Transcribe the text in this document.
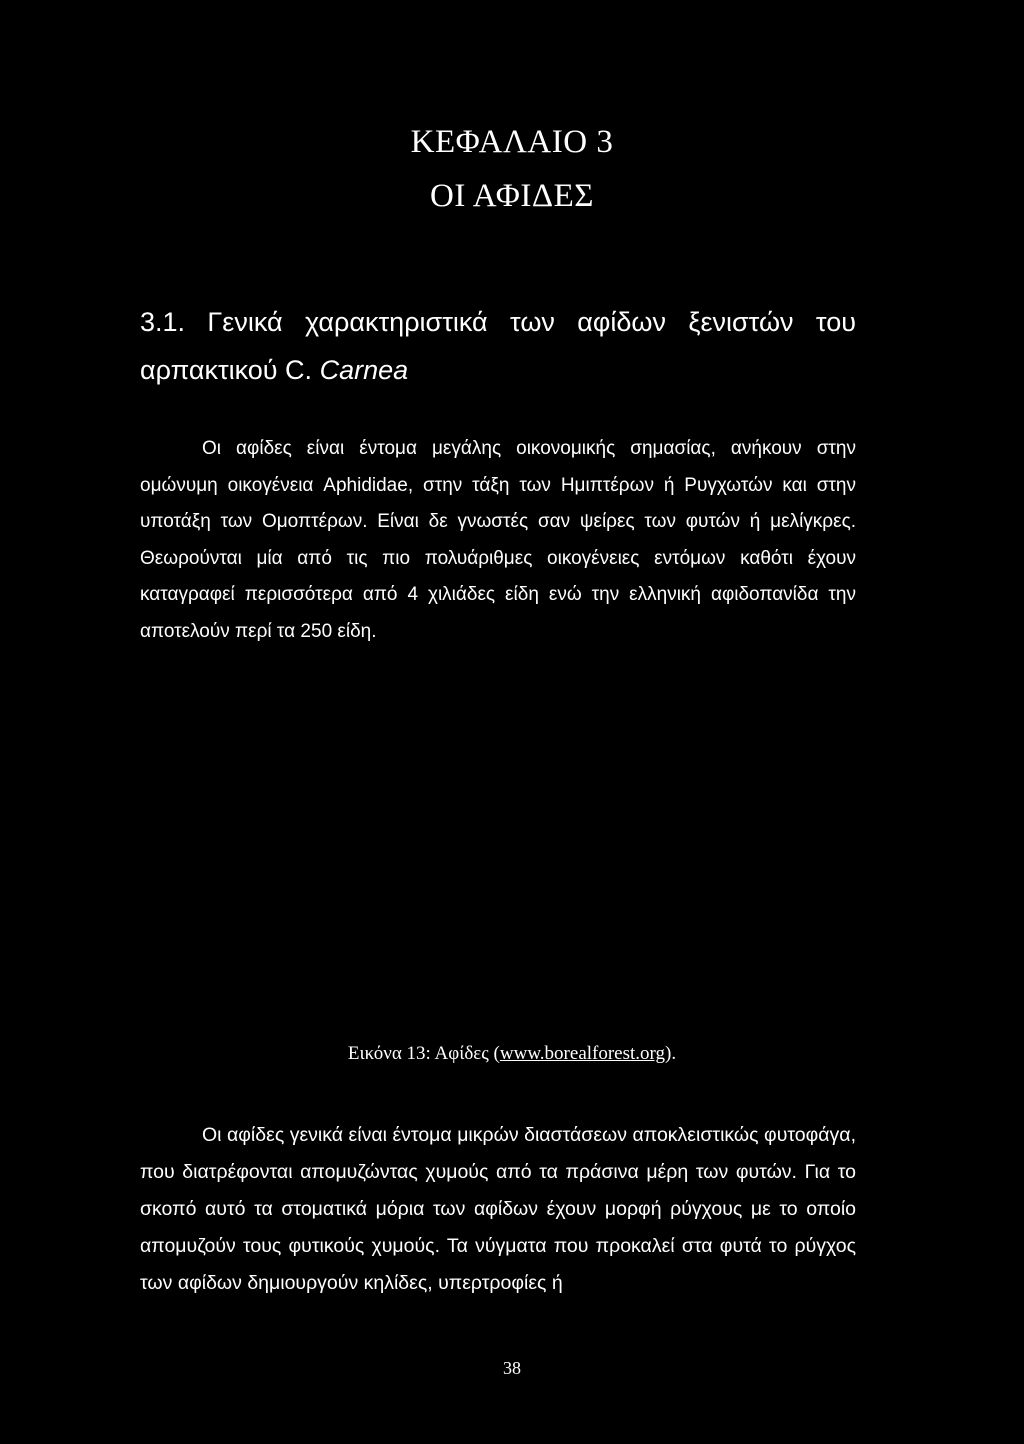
ΚΕΦΑΛΑΙΟ 3
ΟΙ ΑΦΙΔΕΣ
3.1. Γενικά χαρακτηριστικά των αφίδων ξενιστών του
αρπακτικού C. Carnea

Οι αφίδες είναι έντομα μεγάλης οικονομικής σημασίας, ανήκουν στην ομώνυμη οικογένεια Aphididae, στην τάξη των Ημιπτέρων ή Ρυγχωτών και στην υποτάξη των Ομοπτέρων. Είναι δε γνωστές σαν ψείρες των φυτών ή μελίγκρες. Θεωρούνται μία από τις πιο πολυάριθμες οικογένειες εντόμων καθότι έχουν καταγραφεί περισσότερα από 4 χιλιάδες είδη ενώ την ελληνική αφιδοπανίδα την αποτελούν περί τα 250 είδη.

Εικόνα 13: Αφίδες (www.borealforest.org).

Οι αφίδες γενικά είναι έντομα μικρών διαστάσεων αποκλειστικώς φυτοφάγα, που διατρέφονται απομυζώντας χυμούς από τα πράσινα μέρη των φυτών. Για το σκοπό αυτό τα στοματικά μόρια των αφίδων έχουν μορφή ρύγχους με το οποίο απομυζούν τους φυτικούς χυμούς. Τα νύγματα που προκαλεί στα φυτά το ρύγχος των αφίδων δημιουργούν κηλίδες, υπερτροφίες ή

38
